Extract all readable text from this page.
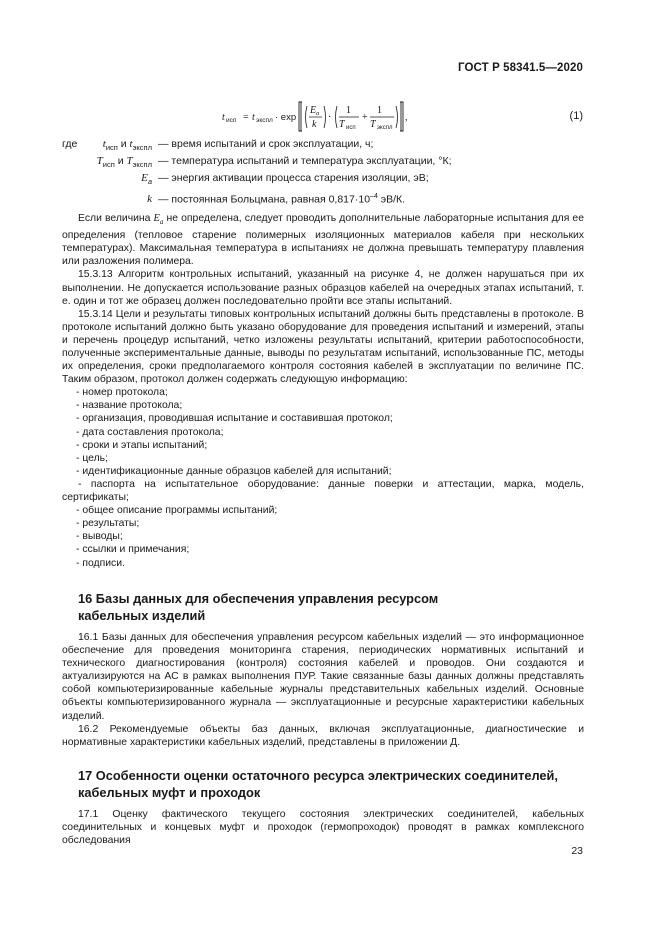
ГОСТ Р 58341.5—2020
t исп = t экспл · exp
E a
k
·
1
T исп
+
1
T экспл
,	(1)
где	$t_{исп}$ и $t_{экспл}$ — время испытаний и срок эксплуатации, ч;
$T_{исп}$ и $T_{экспл}$ — температура испытаний и температура эксплуатации, °К;
$E_a$ — энергия активации процесса старения изоляции, эВ;
k — постоянная Больцмана, равная $0,817\cdot 10^{-4}$ эВ/К.

Если величина $E_a$ не определена, следует проводить дополнительные лабораторные испытания для ее определения (тепловое старение полимерных изоляционных материалов кабеля при нескольких температурах). Максимальная температура в испытаниях не должна превышать температуру плавления или разложения полимера.

15.3.13 Алгоритм контрольных испытаний, указанный на рисунке 4, не должен нарушаться при их выполнении. Не допускается использование разных образцов кабелей на очередных этапах испытаний, т. е. один и тот же образец должен последовательно пройти все этапы испытаний.

15.3.14 Цели и результаты типовых контрольных испытаний должны быть представлены в протоколе. В протоколе испытаний должно быть указано оборудование для проведения испытаний и измерений, этапы и перечень процедур испытаний, четко изложены результаты испытаний, критерии работоспособности, полученные экспериментальные данные, выводы по результатам испытаний, использованные ПС, методы их определения, сроки предполагаемого контроля состояния кабелей в эксплуатации по величине ПС. Таким образом, протокол должен содержать следующую информацию:

- номер протокола;
- название протокола;
- организация, проводившая испытание и составившая протокол;
- дата составления протокола;
- сроки и этапы испытаний;
- цель;
- идентификационные данные образцов кабелей для испытаний;
- паспорта на испытательное оборудование: данные поверки и аттестации, марка, модель, сертификаты;
- общее описание программы испытаний;
- результаты;
- выводы;
- ссылки и примечания;
- подписи.
16 Базы данных для обеспечения управления ресурсом кабельных изделий

16.1 Базы данных для обеспечения управления ресурсом кабельных изделий — это информационное обеспечение для проведения мониторинга старения, периодических нормативных испытаний и технического диагностирования (контроля) состояния кабелей и проводов. Они создаются и актуализируются на АС в рамках выполнения ПУР. Такие связанные базы данных должны представлять собой компьютеризированные кабельные журналы представительных кабельных изделий. Основные объекты компьютеризированного журнала — эксплуатационные и ресурсные характеристики кабельных изделий.

16.2 Рекомендуемые объекты баз данных, включая эксплуатационные, диагностические и нормативные характеристики кабельных изделий, представлены в приложении Д.

17 Особенности оценки остаточного ресурса электрических соединителей, кабельных муфт и проходок

17.1 Оценку фактического текущего состояния электрических соединителей, кабельных соединительных и концевых муфт и проходок (гермопроходок) проводят в рамках комплексного обследования

23
